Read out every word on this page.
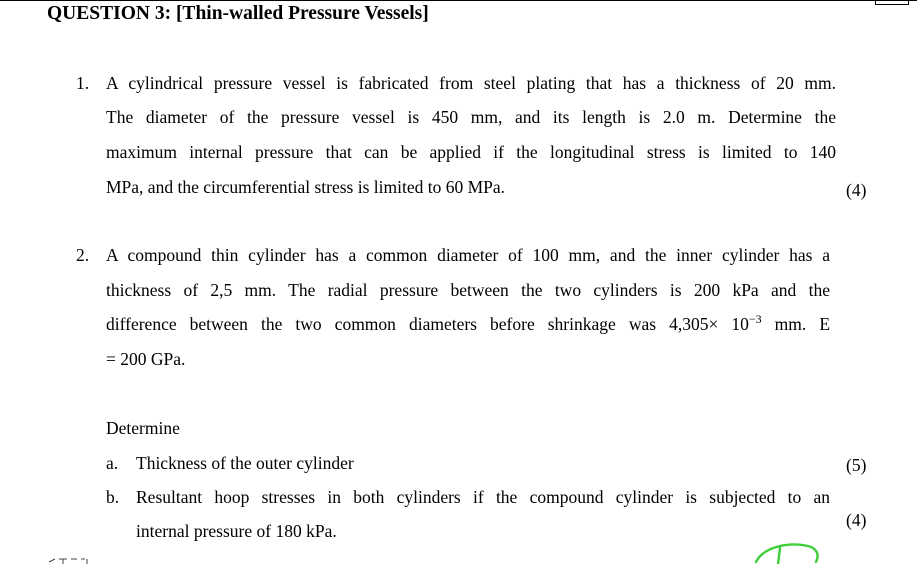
QUESTION 3: [Thin-walled Pressure Vessels]
1. A cylindrical pressure vessel is fabricated from steel plating that has a thickness of 20 mm.
The diameter of the pressure vessel is 450 mm, and its length is 2.0 m. Determine the
maximum internal pressure that can be applied if the longitudinal stress is limited to 140
MPa, and the circumferential stress is limited to 60 MPa.	(4)
2. A compound thin cylinder has a common diameter of 100 mm, and the inner cylinder has a
thickness of 2,5 mm. The radial pressure between the two cylinders is 200 kPa and the
difference between the two common diameters before shrinkage was $4,305\times 10^{-3}$ mm. E
= 200 GPa.
Determine
a. Thickness of the outer cylinder	(5)
b. Resultant hoop stresses in both cylinders if the compound cylinder is subjected to an
internal pressure of 180 kPa.
(4)
